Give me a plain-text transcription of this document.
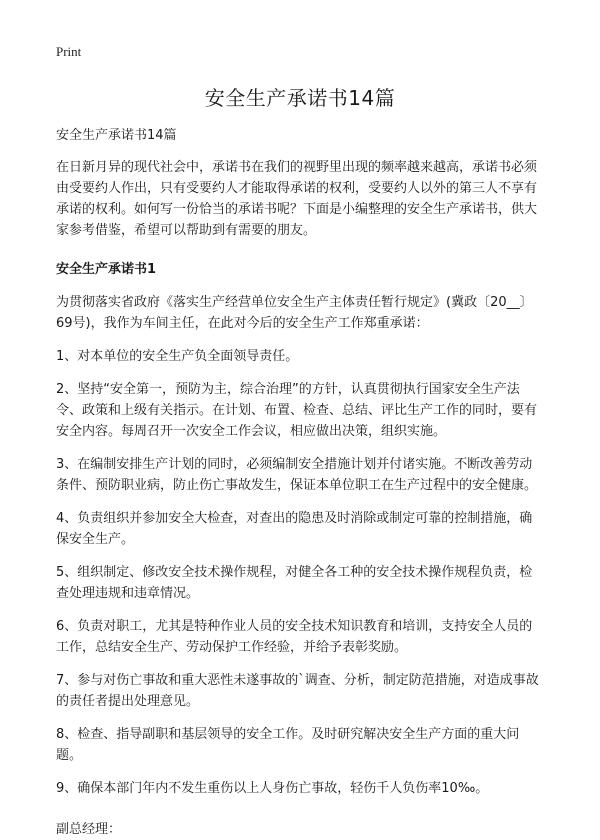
Print
安全生产承诺书14篇

安全生产承诺书14篇

在日新月异的现代社会中，承诺书在我们的视野里出现的频率越来越高，承诺书必须由受要约人作出，只有受要约人才能取得承诺的权利，受要约人以外的第三人不享有承诺的权利。如何写一份恰当的承诺书呢？下面是小编整理的安全生产承诺书，供大家参考借鉴，希望可以帮助到有需要的朋友。

安全生产承诺书1

为贯彻落实省政府《落实生产经营单位安全生产主体责任暂行规定》(冀政〔20__〕69号)，我作为车间主任，在此对今后的安全生产工作郑重承诺：

1、对本单位的安全生产负全面领导责任。

2、坚持“安全第一，预防为主，综合治理”的方针，认真贯彻执行国家安全生产法令、政策和上级有关指示。在计划、布置、检查、总结、评比生产工作的同时，要有安全内容。每周召开一次安全工作会议，相应做出决策，组织实施。

3、在编制安排生产计划的同时，必须编制安全措施计划并付诸实施。不断改善劳动条件、预防职业病，防止伤亡事故发生，保证本单位职工在生产过程中的安全健康。

4、负责组织并参加安全大检查，对查出的隐患及时消除或制定可靠的控制措施，确保安全生产。

5、组织制定、修改安全技术操作规程，对健全各工种的安全技术操作规程负责，检查处理违规和违章情况。

6、负责对职工，尤其是特种作业人员的安全技术知识教育和培训，支持安全人员的工作，总结安全生产、劳动保护工作经验，并给予表彰奖励。

7、参与对伤亡事故和重大恶性未遂事故的`调查、分析，制定防范措施，对造成事故的责任者提出处理意见。

8、检查、指导副职和基层领导的安全工作。及时研究解决安全生产方面的重大问题。

9、确保本部门年内不发生重伤以上人身伤亡事故，轻伤千人负伤率10‰。

副总经理：
